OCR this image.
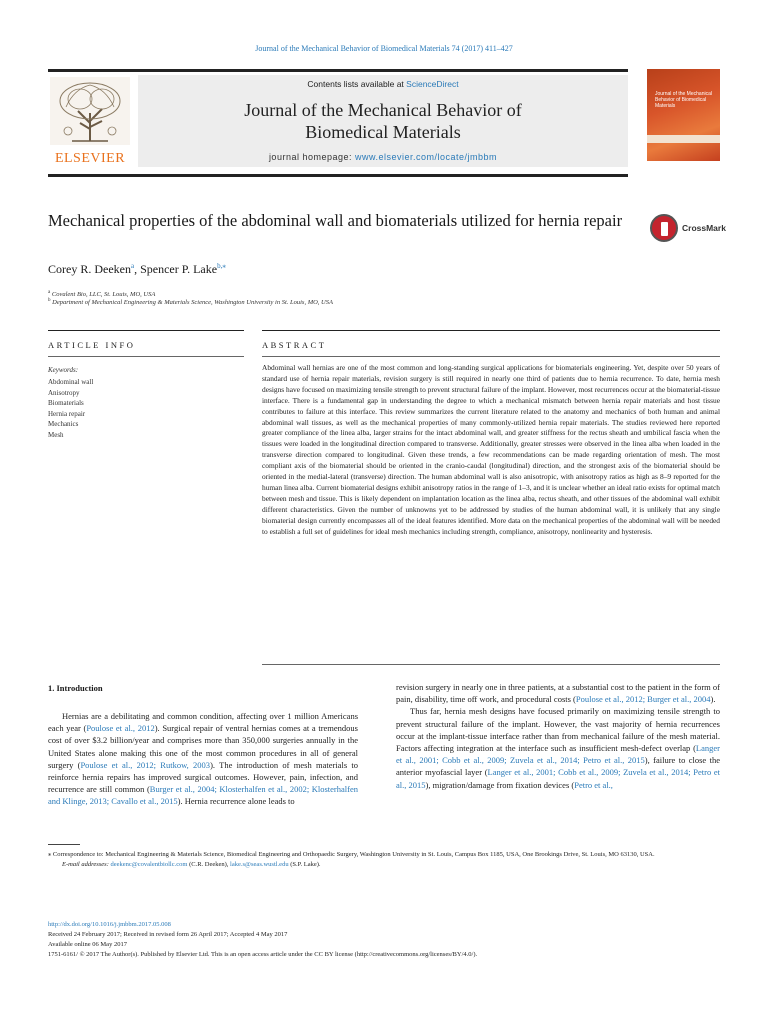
Journal of the Mechanical Behavior of Biomedical Materials 74 (2017) 411–427
ELSEVIER
Contents lists available at ScienceDirect
Journal of the Mechanical Behavior of
Biomedical Materials
journal homepage: www.elsevier.com/locate/jmbbm
Journal of the Mechanical Behavior of Biomedical Materials
Mechanical properties of the abdominal wall and biomaterials utilized for hernia repair	CrossMark
Corey R. Deeken$^a$, Spencer P. Lake$^{b,⁎}$
$^a$ Covalent Bio, LLC, St. Louis, MO, USA
$^b$ Department of Mechanical Engineering & Materials Science, Washington University in St. Louis, MO, USA
ARTICLE INFO	ABSTRACT
Keywords:
Abdominal wall
Anisotropy
Biomaterials
Hernia repair
Mechanics
Mesh
Abdominal wall hernias are one of the most common and long-standing surgical applications for biomaterials engineering. Yet, despite over 50 years of standard use of hernia repair materials, revision surgery is still required in nearly one third of patients due to hernia recurrence. To date, hernia mesh designs have focused on maximizing tensile strength to prevent structural failure of the implant. However, most recurrences occur at the biomaterial-tissue interface. There is a fundamental gap in understanding the degree to which a mechanical mismatch between hernia repair materials and host tissue contributes to failure at this interface. This review summarizes the current literature related to the anatomy and mechanics of both human and animal abdominal wall tissues, as well as the mechanical properties of many commonly-utilized hernia repair materials. The studies reviewed here reported greater compliance of the linea alba, larger strains for the intact abdominal wall, and greater stiffness for the rectus sheath and umbilical fascia when the tissues were loaded in the longitudinal direction compared to transverse. Additionally, greater stresses were observed in the linea alba when loaded in the transverse direction compared to longitudinal. Given these trends, a few recommendations can be made regarding orientation of mesh. The most compliant axis of the biomaterial should be oriented in the cranio-caudal (longitudinal) direction, and the strongest axis of the biomaterial should be oriented in the medial-lateral (transverse) direction. The human abdominal wall is also anisotropic, with anisotropy ratios as high as 8–9 reported for the human linea alba. Current biomaterial designs exhibit anisotropy ratios in the range of 1–3, and it is unclear whether an ideal ratio exists for optimal match between mesh and tissue. This is likely dependent on implantation location as the linea alba, rectus sheath, and other tissues of the abdominal wall exhibit different characteristics. Given the number of unknowns yet to be addressed by studies of the human abdominal wall, it is unlikely that any single biomaterial design currently encompasses all of the ideal features identified. More data on the mechanical properties of the abdominal wall will be needed to establish a full set of guidelines for ideal mesh mechanics including strength, compliance, anisotropy, nonlinearity and hysteresis.
1. Introduction

Hernias are a debilitating and common condition, affecting over 1 million Americans each year (Poulose et al., 2012). Surgical repair of ventral hernias comes at a tremendous cost of over $3.2 billion/year and comprises more than 350,000 surgeries annually in the United States alone making this one of the most common procedures in all of general surgery (Poulose et al., 2012; Rutkow, 2003). The introduction of mesh materials to reinforce hernia repairs has improved surgical outcomes. However, pain, infection, and recurrence are still common (Burger et al., 2004; Klosterhalfen et al., 2002; Klosterhalfen and Klinge, 2013; Cavallo et al., 2015). Hernia recurrence alone leads to

revision surgery in nearly one in three patients, at a substantial cost to the patient in the form of pain, disability, time off work, and procedural costs (Poulose et al., 2012; Burger et al., 2004).

Thus far, hernia mesh designs have focused primarily on maximizing tensile strength to prevent structural failure of the implant. However, the vast majority of hernia recurrences occur at the implant-tissue interface rather than from mechanical failure of the mesh material. Factors affecting integration at the interface such as insufficient mesh-defect overlap (Langer et al., 2001; Cobb et al., 2009; Zuvela et al., 2014; Petro et al., 2015), failure to close the anterior myofascial layer (Langer et al., 2001; Cobb et al., 2009; Zuvela et al., 2014; Petro et al., 2015), migration/damage from fixation devices (Petro et al.,

⁎ Correspondence to: Mechanical Engineering & Materials Science, Biomedical Engineering and Orthopaedic Surgery, Washington University in St. Louis, Campus Box 1185, USA, One Brookings Drive, St. Louis, MO 63130, USA.
E-mail addresses: deekenc@covalentbiollc.com (C.R. Deeken), lake.s@seas.wustl.edu (S.P. Lake).
http://dx.doi.org/10.1016/j.jmbbm.2017.05.008
Received 24 February 2017; Received in revised form 26 April 2017; Accepted 4 May 2017
Available online 06 May 2017
1751-6161/ © 2017 The Author(s). Published by Elsevier Ltd. This is an open access article under the CC BY license (http://creativecommons.org/licenses/BY/4.0/).
